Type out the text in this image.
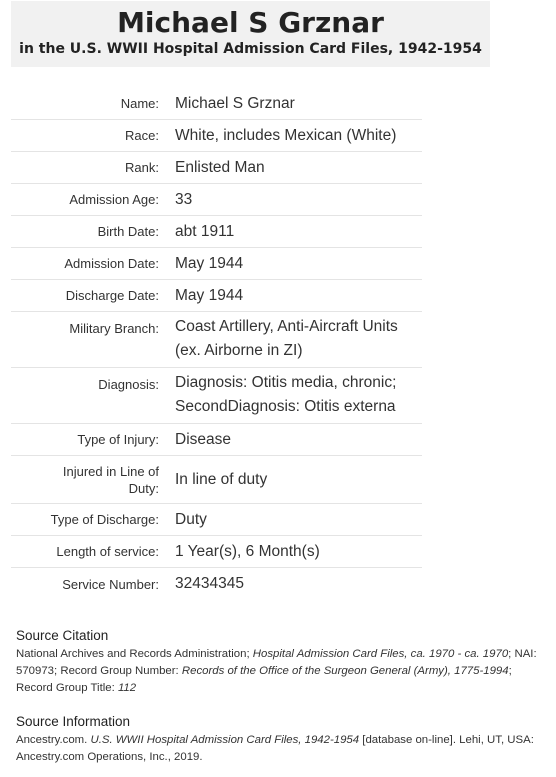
Michael S Grznar
in the U.S. WWII Hospital Admission Card Files, 1942-1954
Name:	Michael S Grznar
Race:	White, includes Mexican (White)
Rank:	Enlisted Man
Admission Age:	33
Birth Date:	abt 1911
Admission Date:	May 1944
Discharge Date:	May 1944
Military Branch: Coast Artillery, Anti-Aircraft Units
(ex. Airborne in ZI)
Diagnosis: Diagnosis: Otitis media, chronic;
SecondDiagnosis: Otitis externa
Type of Injury:	Disease
Injured in Line of
Duty:
In line of duty
Type of Discharge:	Duty
Length of service:	1 Year(s), 6 Month(s)
Service Number:	32434345
Source Citation

National Archives and Records Administration; Hospital Admission Card Files, ca. 1970 - ca. 1970; NAI: 570973; Record Group Number: Records of the Office of the Surgeon General (Army), 1775-1994; Record Group Title: 112

Source Information

Ancestry.com. U.S. WWII Hospital Admission Card Files, 1942-1954 [database on-line]. Lehi, UT, USA: Ancestry.com Operations, Inc., 2019.
